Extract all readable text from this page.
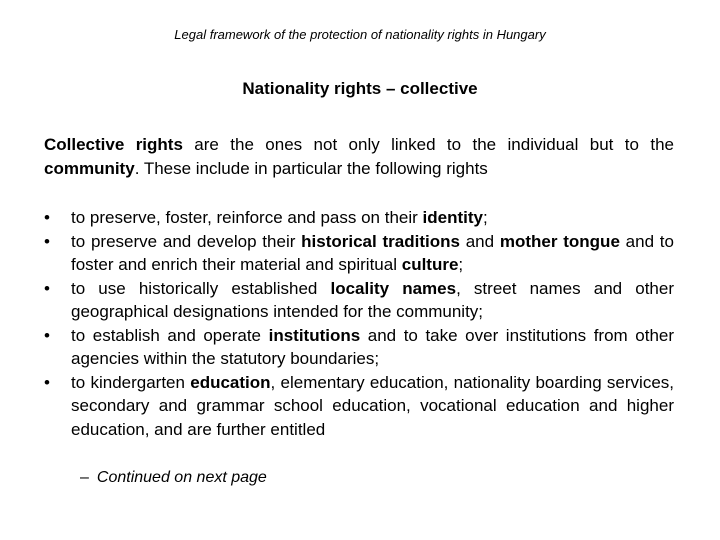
Legal framework of the protection of nationality rights in Hungary
Nationality rights – collective

Collective rights are the ones not only linked to the individual but to the community. These include in particular the following rights

•	to preserve, foster, reinforce and pass on their identity;
•	to preserve and develop their historical traditions and mother tongue and to foster and enrich their material and spiritual culture;
•	to use historically established locality names, street names and other geographical designations intended for the community;
•	to establish and operate institutions and to take over institutions from other agencies within the statutory boundaries;
•	to kindergarten education, elementary education, nationality boarding services, secondary and grammar school education, vocational education and higher education, and are further entitled
– Continued on next page
